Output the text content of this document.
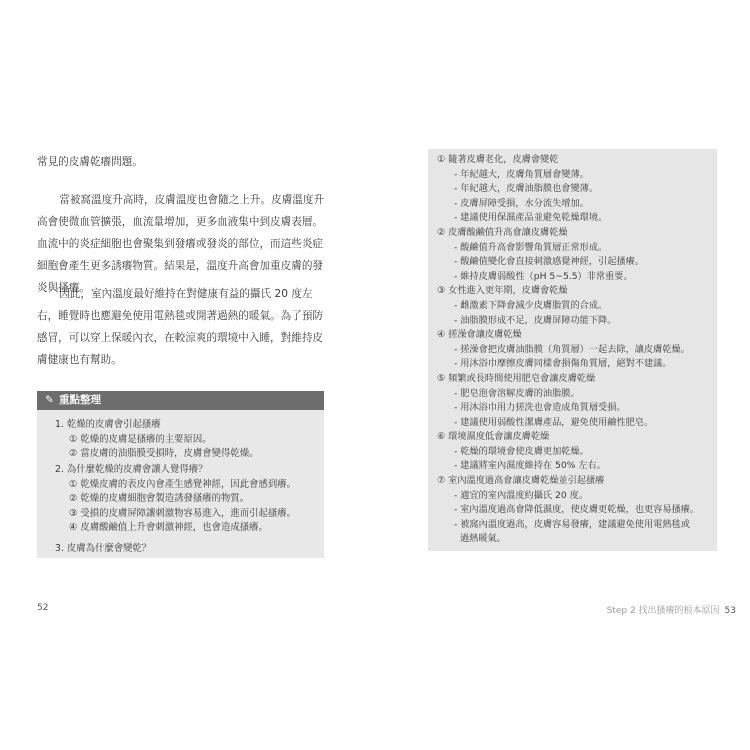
常見的皮膚乾癢問題。

當被窩溫度升高時，皮膚溫度也會隨之上升。皮膚溫度升高會使微血管擴張，血流量增加，更多血液集中到皮膚表層。血流中的炎症細胞也會聚集到發癢或發炎的部位，而這些炎症細胞會產生更多誘癢物質。結果是，溫度升高會加重皮膚的發炎與搔癢。

因此，室內溫度最好維持在對健康有益的攝氏 20 度左右，睡覺時也應避免使用電熱毯或開著過熱的暖氣。為了預防感冒，可以穿上保暖內衣，在較涼爽的環境中入睡，對維持皮膚健康也有幫助。

✎ 重點整理
1. 乾燥的皮膚會引起搔癢
① 乾燥的皮膚是搔癢的主要原因。
② 當皮膚的油脂膜受損時，皮膚會變得乾燥。
2. 為什麼乾燥的皮膚會讓人覺得癢？
① 乾燥皮膚的表皮內會產生感覺神經，因此會感到癢。
② 乾燥的皮膚細胞會製造誘發搔癢的物質。
③ 受損的皮膚屏障讓刺激物容易進入，進而引起搔癢。
④ 皮膚酸鹼值上升會刺激神經，也會造成搔癢。
3. 皮膚為什麼會變乾？
52
① 隨著皮膚老化，皮膚會變乾
- 年紀越大，皮膚角質層會變薄。
- 年紀越大，皮膚油脂膜也會變薄。
- 皮膚屏障受損，水分流失增加。
- 建議使用保濕產品並避免乾燥環境。
② 皮膚酸鹼值升高會讓皮膚乾燥
- 酸鹼值升高會影響角質層正常形成。
- 酸鹼值變化會直接刺激感覺神經，引起搔癢。
- 維持皮膚弱酸性（pH 5~5.5）非常重要。
③ 女性進入更年期，皮膚會乾燥
- 雌激素下降會減少皮膚脂質的合成。
- 油脂膜形成不足，皮膚屏障功能下降。
④ 搓澡會讓皮膚乾燥
- 搓澡會把皮膚油脂膜（角質層）一起去除，讓皮膚乾燥。
- 用沐浴巾摩擦皮膚同樣會損傷角質層，絕對不建議。
⑤ 頻繁或長時間使用肥皂會讓皮膚乾燥
- 肥皂泡會溶解皮膚的油脂膜。
- 用沐浴巾用力搓洗也會造成角質層受損。
- 建議使用弱酸性潔膚產品，避免使用鹼性肥皂。
⑥ 環境濕度低會讓皮膚乾燥
- 乾燥的環境會使皮膚更加乾燥。
- 建議將室內濕度維持在 50% 左右。
⑦ 室內溫度過高會讓皮膚乾燥並引起搔癢
- 適宜的室內溫度約攝氏 20 度。
- 室內溫度過高會降低濕度，使皮膚更乾燥，也更容易搔癢。
- 被窩內溫度過高，皮膚容易發癢，建議避免使用電熱毯或
過熱暖氣。
Step 2 找出搔癢的根本原因 53
